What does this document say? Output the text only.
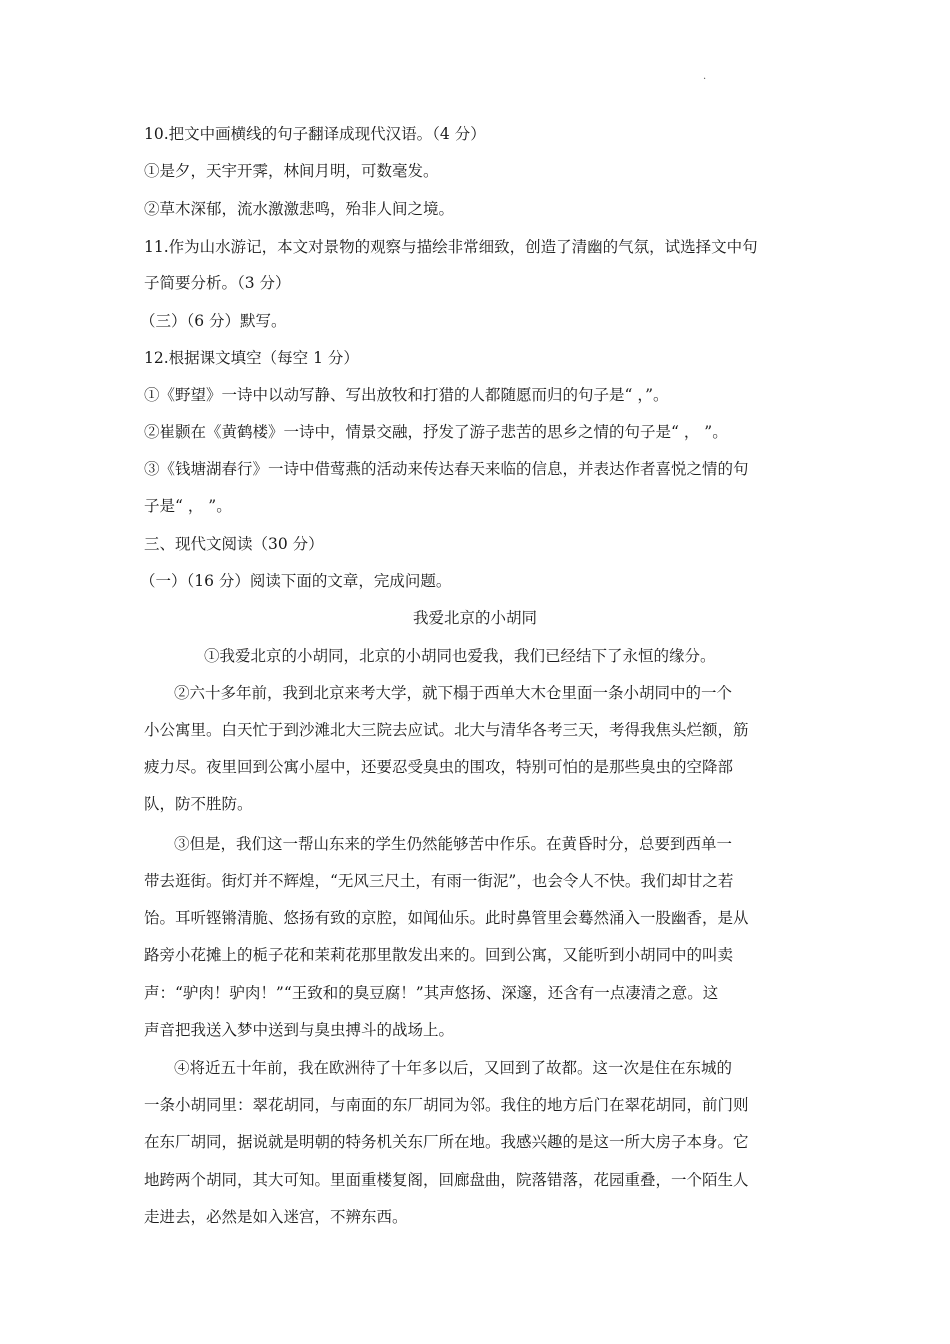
.
10.把文中画横线的句子翻译成现代汉语。（4 分）
①是夕，天宇开霁，林间月明，可数毫发。
②草木深郁，流水激激悲鸣，殆非人间之境。
11.作为山水游记，本文对景物的观察与描绘非常细致，创造了清幽的气氛，试选择文中句
子简要分析。（3 分）
（三）（6 分）默写。
12.根据课文填空（每空 1 分）
①《野望》一诗中以动写静、写出放牧和打猎的人都随愿而归的句子是“ ，”。
②崔颢在《黄鹤楼》一诗中，情景交融，抒发了游子悲苦的思乡之情的句子是“ ， ”。
③《钱塘湖春行》一诗中借莺燕的活动来传达春天来临的信息，并表达作者喜悦之情的句
子是“ ， ”。
三、现代文阅读（30 分）
（一）（16 分）阅读下面的文章，完成问题。
我爱北京的小胡同
①我爱北京的小胡同，北京的小胡同也爱我，我们已经结下了永恒的缘分。
②六十多年前，我到北京来考大学，就下榻于西单大木仓里面一条小胡同中的一个
小公寓里。白天忙于到沙滩北大三院去应试。北大与清华各考三天，考得我焦头烂额，筋
疲力尽。夜里回到公寓小屋中，还要忍受臭虫的围攻，特别可怕的是那些臭虫的空降部
队，防不胜防。
③但是，我们这一帮山东来的学生仍然能够苦中作乐。在黄昏时分，总要到西单一
带去逛街。街灯并不辉煌，“无风三尺土，有雨一街泥”，也会令人不快。我们却甘之若
饴。耳听铿锵清脆、悠扬有致的京腔，如闻仙乐。此时鼻管里会蓦然涌入一股幽香，是从
路旁小花摊上的栀子花和茉莉花那里散发出来的。回到公寓，又能听到小胡同中的叫卖
声：“驴肉！驴肉！”“王致和的臭豆腐！”其声悠扬、深邃，还含有一点凄清之意。这
声音把我送入梦中送到与臭虫搏斗的战场上。
④将近五十年前，我在欧洲待了十年多以后，又回到了故都。这一次是住在东城的
一条小胡同里：翠花胡同，与南面的东厂胡同为邻。我住的地方后门在翠花胡同，前门则
在东厂胡同，据说就是明朝的特务机关东厂所在地。我感兴趣的是这一所大房子本身。它
地跨两个胡同，其大可知。里面重楼复阁，回廊盘曲，院落错落，花园重叠，一个陌生人
走进去，必然是如入迷宫，不辨东西。
